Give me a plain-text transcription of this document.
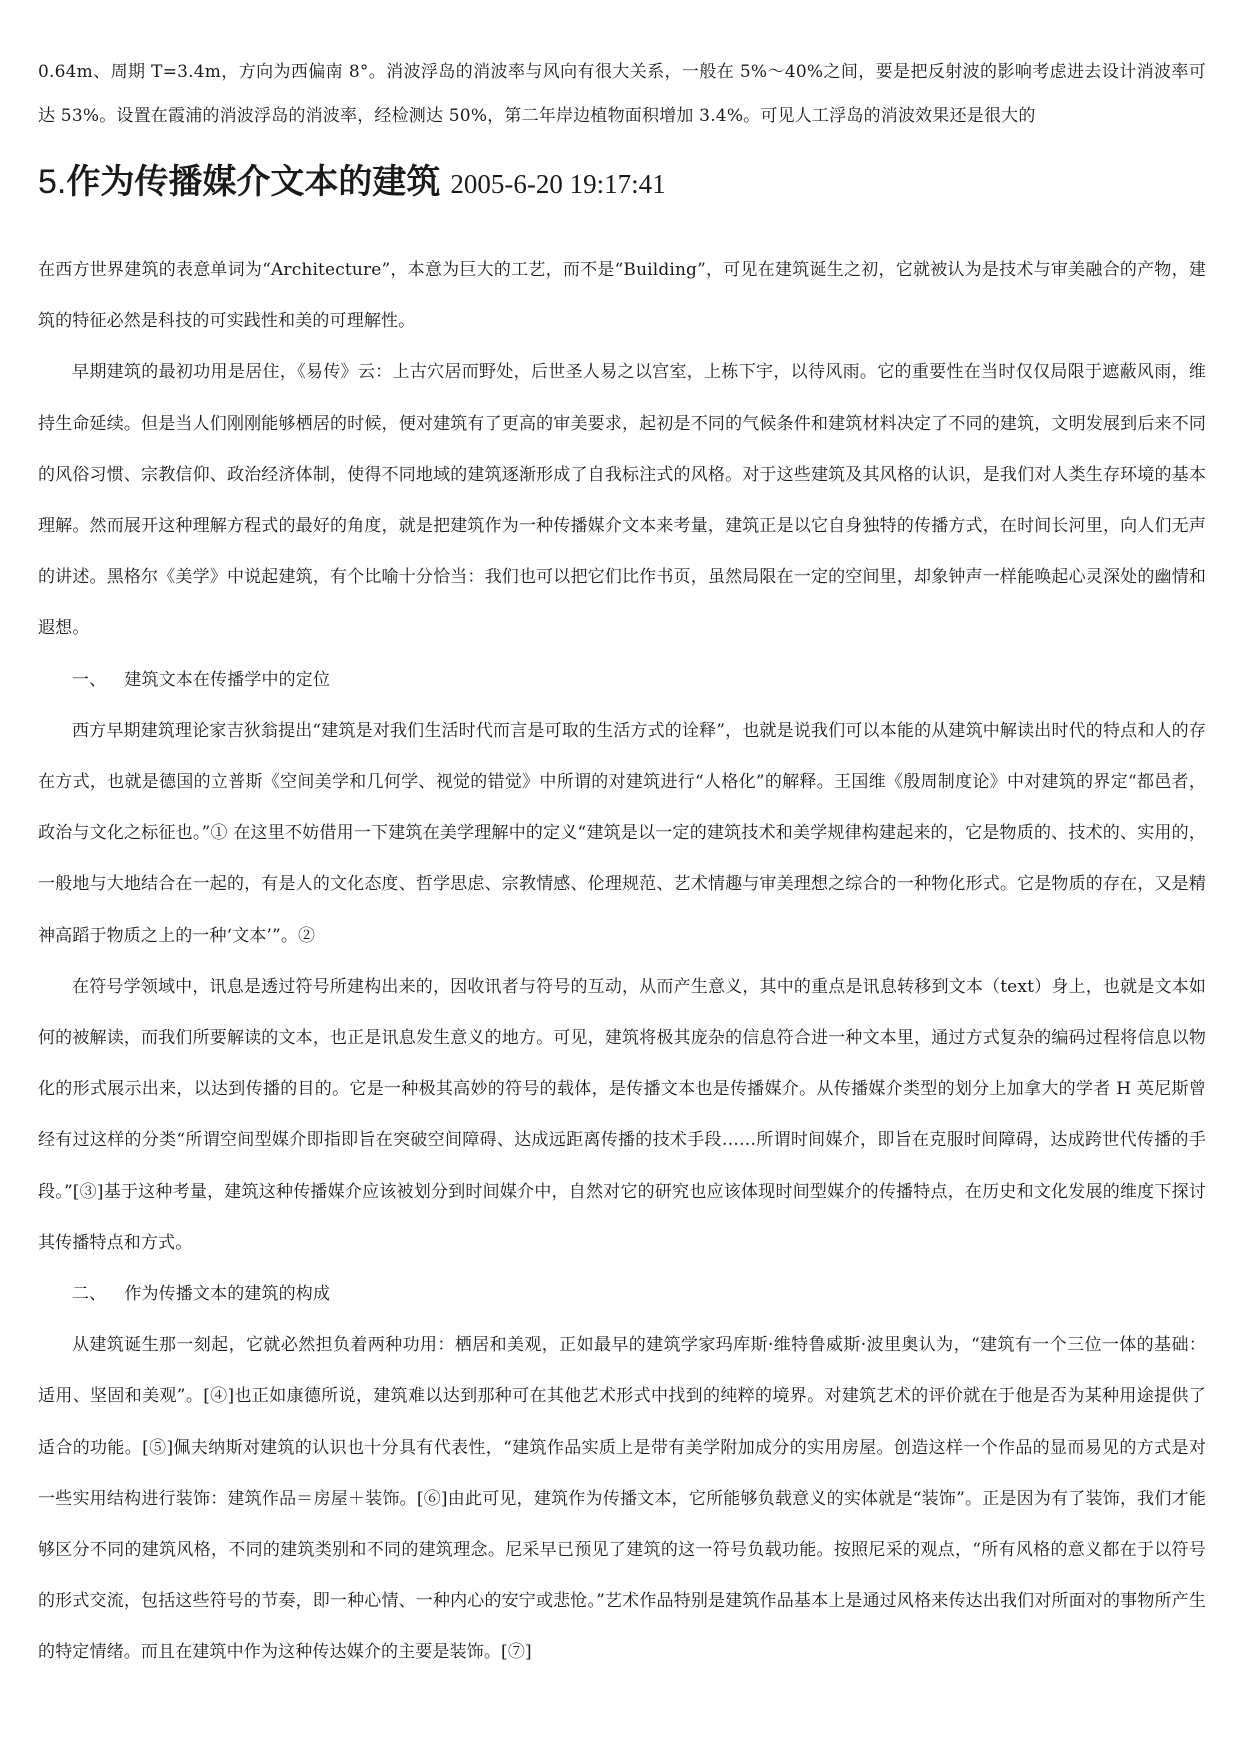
0.64m、周期 T=3.4m，方向为西偏南 8°。消波浮岛的消波率与风向有很大关系，一般在 5%～40%之间，要是把反射波的影响考虑进去设计消波率可达 53%。设置在霞浦的消波浮岛的消波率，经检测达 50%，第二年岸边植物面积增加 3.4%。可见人工浮岛的消波效果还是很大的

5.作为传播媒介文本的建筑 2005-6-20 19:17:41

在西方世界建筑的表意单词为“Architecture”，本意为巨大的工艺，而不是“Building”，可见在建筑诞生之初，它就被认为是技术与审美融合的产物，建筑的特征必然是科技的可实践性和美的可理解性。

早期建筑的最初功用是居住，《易传》云：上古穴居而野处，后世圣人易之以宫室，上栋下宇，以待风雨。它的重要性在当时仅仅局限于遮蔽风雨，维持生命延续。但是当人们刚刚能够栖居的时候，便对建筑有了更高的审美要求，起初是不同的气候条件和建筑材料决定了不同的建筑，文明发展到后来不同的风俗习惯、宗教信仰、政治经济体制，使得不同地域的建筑逐渐形成了自我标注式的风格。对于这些建筑及其风格的认识，是我们对人类生存环境的基本理解。然而展开这种理解方程式的最好的角度，就是把建筑作为一种传播媒介文本来考量，建筑正是以它自身独特的传播方式，在时间长河里，向人们无声的讲述。黑格尔《美学》中说起建筑，有个比喻十分恰当：我们也可以把它们比作书页，虽然局限在一定的空间里，却象钟声一样能唤起心灵深处的幽情和遐想。

一、 建筑文本在传播学中的定位

西方早期建筑理论家吉狄翁提出“建筑是对我们生活时代而言是可取的生活方式的诠释”，也就是说我们可以本能的从建筑中解读出时代的特点和人的存在方式，也就是德国的立普斯《空间美学和几何学、视觉的错觉》中所谓的对建筑进行“人格化”的解释。王国维《殷周制度论》中对建筑的界定“都邑者，政治与文化之标征也。”① 在这里不妨借用一下建筑在美学理解中的定义“建筑是以一定的建筑技术和美学规律构建起来的，它是物质的、技术的、实用的，一般地与大地结合在一起的，有是人的文化态度、哲学思虑、宗教情感、伦理规范、艺术情趣与审美理想之综合的一种物化形式。它是物质的存在，又是精神高蹈于物质之上的一种‘文本’”。②

在符号学领域中，讯息是透过符号所建构出来的，因收讯者与符号的互动，从而产生意义，其中的重点是讯息转移到文本（text）身上，也就是文本如何的被解读，而我们所要解读的文本，也正是讯息发生意义的地方。可见，建筑将极其庞杂的信息符合进一种文本里，通过方式复杂的编码过程将信息以物化的形式展示出来，以达到传播的目的。它是一种极其高妙的符号的载体，是传播文本也是传播媒介。从传播媒介类型的划分上加拿大的学者 H 英尼斯曾经有过这样的分类“所谓空间型媒介即指即旨在突破空间障碍、达成远距离传播的技术手段……所谓时间媒介，即旨在克服时间障碍，达成跨世代传播的手段。”[③]基于这种考量，建筑这种传播媒介应该被划分到时间媒介中，自然对它的研究也应该体现时间型媒介的传播特点，在历史和文化发展的维度下探讨其传播特点和方式。

二、 作为传播文本的建筑的构成

从建筑诞生那一刻起，它就必然担负着两种功用：栖居和美观，正如最早的建筑学家玛库斯·维特鲁威斯·波里奥认为，“建筑有一个三位一体的基础：适用、坚固和美观”。[④]也正如康德所说，建筑难以达到那种可在其他艺术形式中找到的纯粹的境界。对建筑艺术的评价就在于他是否为某种用途提供了适合的功能。[⑤]佩夫纳斯对建筑的认识也十分具有代表性，“建筑作品实质上是带有美学附加成分的实用房屋。创造这样一个作品的显而易见的方式是对一些实用结构进行装饰：建筑作品＝房屋＋装饰。[⑥]由此可见，建筑作为传播文本，它所能够负载意义的实体就是“装饰”。正是因为有了装饰，我们才能够区分不同的建筑风格，不同的建筑类别和不同的建筑理念。尼采早已预见了建筑的这一符号负载功能。按照尼采的观点，“所有风格的意义都在于以符号的形式交流，包括这些符号的节奏，即一种心情、一种内心的安宁或悲怆。”艺术作品特别是建筑作品基本上是通过风格来传达出我们对所面对的事物所产生的特定情绪。而且在建筑中作为这种传达媒介的主要是装饰。[⑦]
